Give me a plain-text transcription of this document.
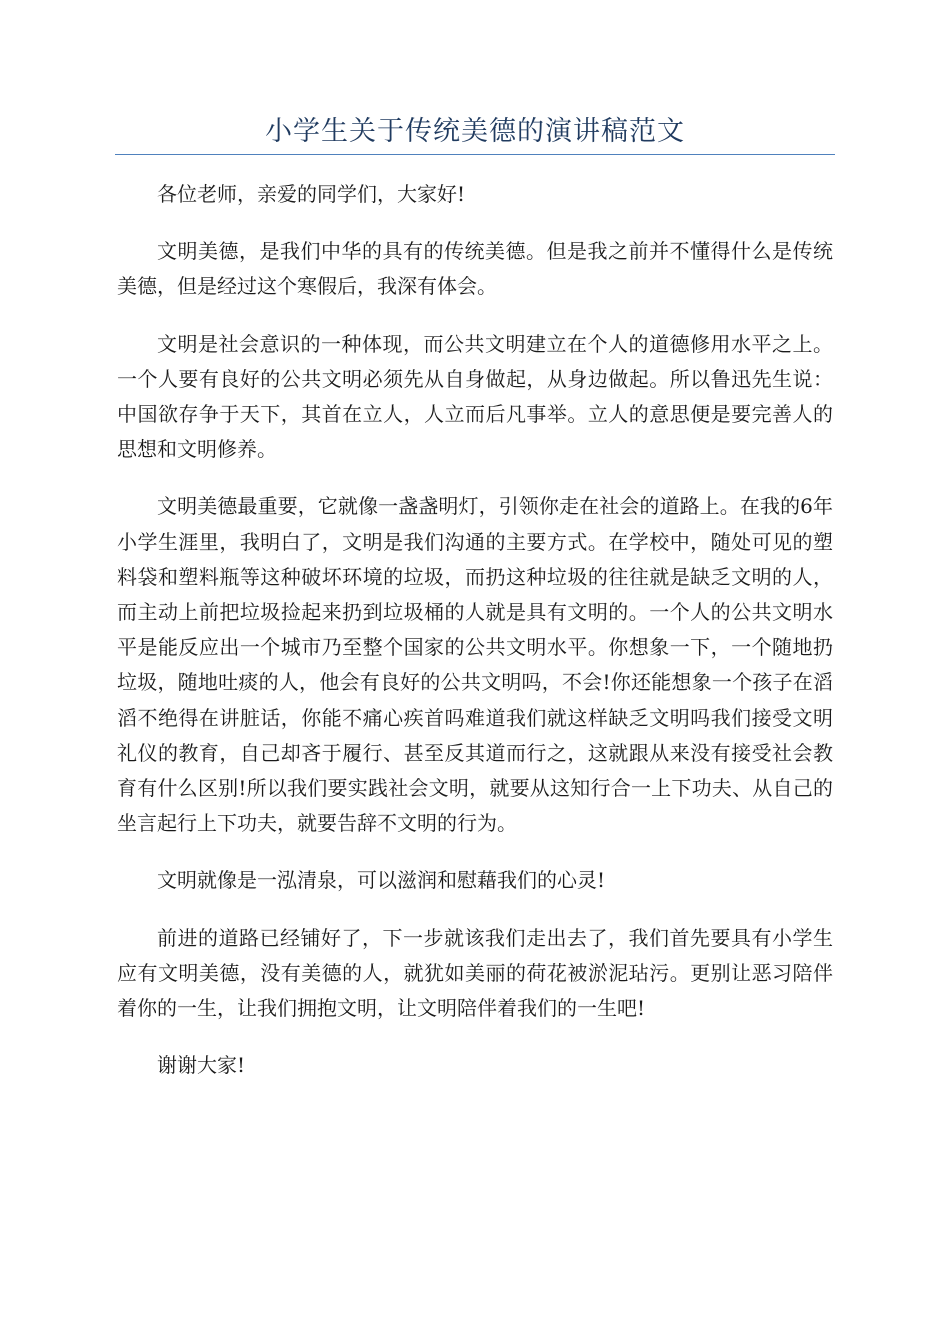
小学生关于传统美德的演讲稿范文

各位老师，亲爱的同学们，大家好!

文明美德，是我们中华的具有的传统美德。但是我之前并不懂得什么是传统美德，但是经过这个寒假后，我深有体会。

文明是社会意识的一种体现，而公共文明建立在个人的道德修用水平之上。一个人要有良好的公共文明必须先从自身做起，从身边做起。所以鲁迅先生说：中国欲存争于天下，其首在立人，人立而后凡事举。立人的意思便是要完善人的思想和文明修养。

文明美德最重要，它就像一盏盏明灯，引领你走在社会的道路上。在我的6年小学生涯里，我明白了，文明是我们沟通的主要方式。在学校中，随处可见的塑料袋和塑料瓶等这种破坏环境的垃圾，而扔这种垃圾的往往就是缺乏文明的人，而主动上前把垃圾捡起来扔到垃圾桶的人就是具有文明的。一个人的公共文明水平是能反应出一个城市乃至整个国家的公共文明水平。你想象一下，一个随地扔垃圾，随地吐痰的人，他会有良好的公共文明吗，不会!你还能想象一个孩子在滔滔不绝得在讲脏话，你能不痛心疾首吗难道我们就这样缺乏文明吗我们接受文明礼仪的教育，自己却吝于履行、甚至反其道而行之，这就跟从来没有接受社会教育有什么区别!所以我们要实践社会文明，就要从这知行合一上下功夫、从自己的坐言起行上下功夫，就要告辞不文明的行为。

文明就像是一泓清泉，可以滋润和慰藉我们的心灵!

前进的道路已经铺好了，下一步就该我们走出去了，我们首先要具有小学生应有文明美德，没有美德的人，就犹如美丽的荷花被淤泥玷污。更别让恶习陪伴着你的一生，让我们拥抱文明，让文明陪伴着我们的一生吧!

谢谢大家!
